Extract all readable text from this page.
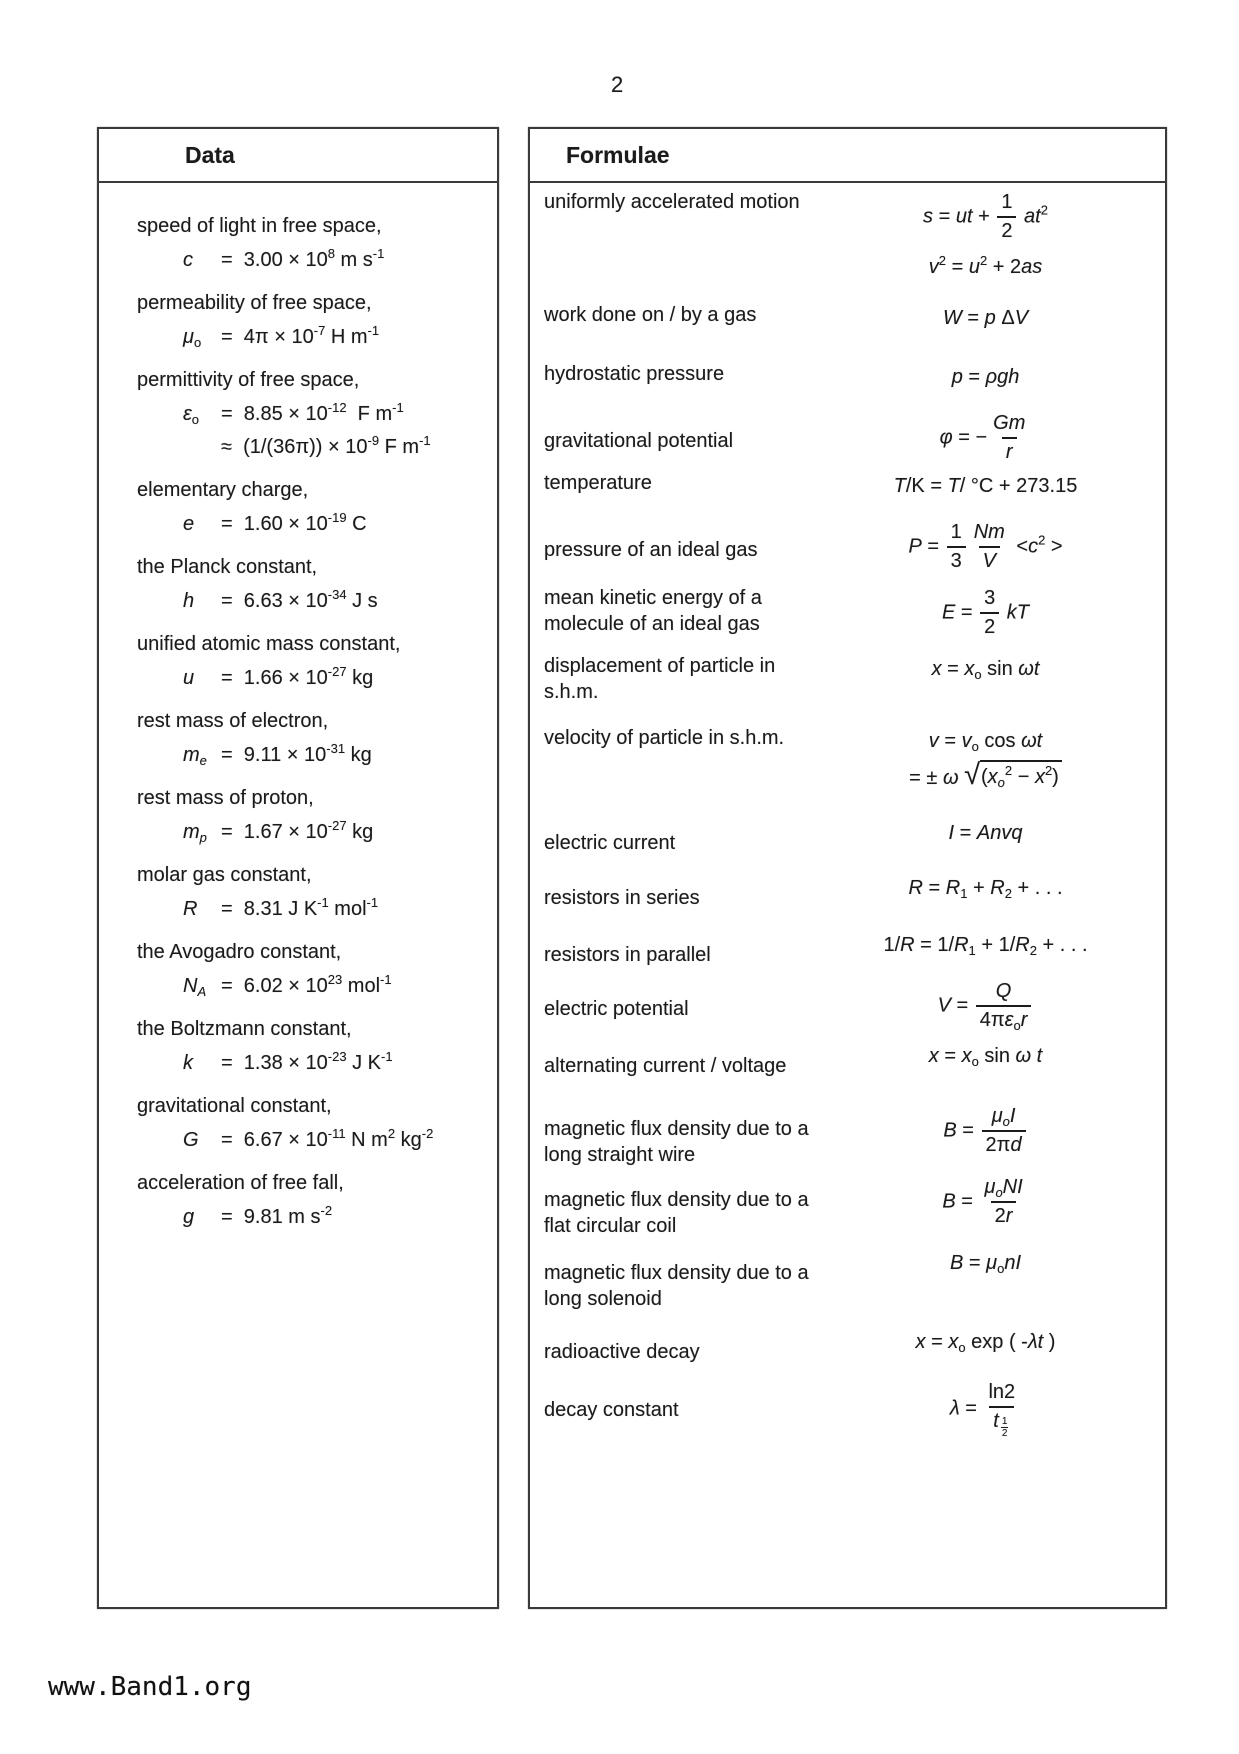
2
Data
speed of light in free space,
$c = 3.00 \times 10^8$ m $s^{-1}$
permeability of free space,
$\mu_o = 4\pi \times 10^{-7}$ H $m^{-1}$
permittivity of free space,
$\varepsilon_o = 8.85 \times 10^{-12}$  F $m^{-1}$
≈  $(1/(36\pi)) \times 10^{-9}$ F $m^{-1}$
elementary charge,
$e = 1.60 \times 10^{-19}$ C
the Planck constant,
$h = 6.63 \times 10^{-34}$ J s
unified atomic mass constant,
$u = 1.66 \times 10^{-27}$ kg
rest mass of electron,
$m_e = 9.11 \times 10^{-31}$ kg
rest mass of proton,
$m_p = 1.67 \times 10^{-27}$ kg
molar gas constant,
R =  8.31 J $K^{-1}$ mol$^{-1}$
the Avogadro constant,
$N_A = 6.02 \times 10^{23}$ mol$^{-1}$
the Boltzmann constant,
$k = 1.38 \times 10^{-23}$ J $K^{-1}$
gravitational constant,
$G = 6.67 \times 10^{-11}$ N $m^2$ $kg^{-2}$
acceleration of free fall,
g =  9.81 m $s^{-2}$
Formulae
uniformly accelerated motion
s = ut + $\frac{1}{2} at^2$
$v^2 = u^2 + 2as$
work done on / by a gas	W = p ΔV
hydrostatic pressure	p = ρgh
gravitational potential	φ = − $\frac{Gm}{r}$
temperature	T/K = T/ °C + 273.15
pressure of an ideal gas	$P = \frac{1}{3} \frac{Nm}{V} <c^2$ >
mean kinetic energy of a molecule of an ideal gas
$E = \frac{3}{2}$ kT
displacement of particle in s.h.m.
$x = x_o$ sin ωt
velocity of particle in s.h.m.	$v = v_o$ cos ωt
= ± ω √ $(x_o^2 - x^2)$
electric current	I = Anvq
resistors in series	$R = R_1 + R_2$ + . . .
resistors in parallel	$1/R = 1/R_1 + 1/R_2$ + . . .
electric potential	$V = \frac{Q}{4\pi\varepsilon_or}$
alternating current / voltage	$x = x_o$ sin ω t
magnetic flux density due to a long straight wire
$B = \frac{\mu_oI}{2\pi d}$
magnetic flux density due to a flat circular coil
$B = \frac{\mu_oNI}{2r}$
magnetic flux density due to a long solenoid
$B = \mu_onI$
radioactive decay	$x = x_o$ exp ( -λt )
decay constant	λ = ln2
t $_{\frac{1}{2}}$
www.Band1.org
